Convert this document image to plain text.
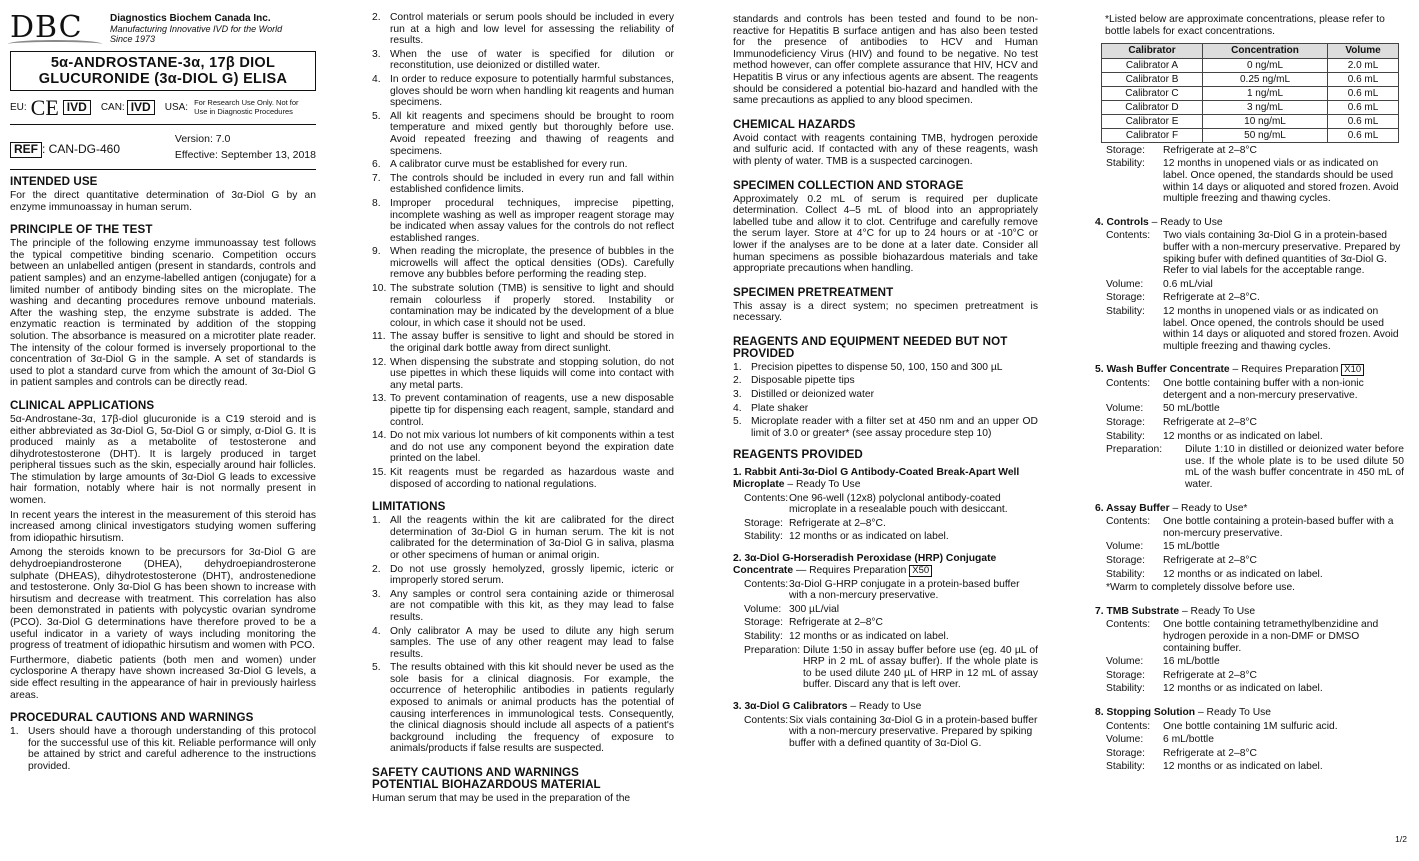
DBC	Diagnostics Biochem Canada Inc.
Manufacturing Innovative IVD for the World
Since 1973
5α-ANDROSTANE-3α, 17β DIOL
GLUCURONIDE (3α-DIOL G) ELISA
EU: CE IVD	CAN: IVD	USA: For Research Use Only. Not for Use in Diagnostic Procedures
REF : CAN-DG-460
Version: 7.0
Effective: September 13, 2018
INTENDED USE

For the direct quantitative determination of 3α-Diol G by an enzyme immunoassay in human serum.

PRINCIPLE OF THE TEST

The principle of the following enzyme immunoassay test follows the typical competitive binding scenario. Competition occurs between an unlabelled antigen (present in standards, controls and patient samples) and an enzyme-labelled antigen (conjugate) for a limited number of antibody binding sites on the microplate. The washing and decanting procedures remove unbound materials. After the washing step, the enzyme substrate is added. The enzymatic reaction is terminated by addition of the stopping solution. The absorbance is measured on a microtiter plate reader. The intensity of the colour formed is inversely proportional to the concentration of 3α-Diol G in the sample. A set of standards is used to plot a standard curve from which the amount of 3α-Diol G in patient samples and controls can be directly read.

CLINICAL APPLICATIONS

5α-Androstane-3α, 17β-diol glucuronide is a C19 steroid and is either abbreviated as 3α-Diol G, 5α-Diol G or simply, α-Diol G. It is produced mainly as a metabolite of testosterone and dihydrotestosterone (DHT). It is largely produced in target peripheral tissues such as the skin, especially around hair follicles. The stimulation by large amounts of 3α-Diol G leads to excessive hair formation, notably where hair is not normally present in women.

In recent years the interest in the measurement of this steroid has increased among clinical investigators studying women suffering from idiopathic hirsutism.

Among the steroids known to be precursors for 3α-Diol G are dehydroepiandrosterone (DHEA), dehydroepiandrosterone sulphate (DHEAS), dihydrotestosterone (DHT), androstenedione and testosterone. Only 3α-Diol G has been shown to increase with hirsutism and decrease with treatment. This correlation has also been demonstrated in patients with polycystic ovarian syndrome (PCO). 3α-Diol G determinations have therefore proved to be a useful indicator in a variety of ways including monitoring the progress of treatment of idiopathic hirsutism and women with PCO.

Furthermore, diabetic patients (both men and women) under cyclosporine A therapy have shown increased 3α-Diol G levels, a side effect resulting in the appearance of hair in previously hairless areas.

PROCEDURAL CAUTIONS AND WARNINGS
1. Users should have a thorough understanding of this protocol for the successful use of this kit. Reliable performance will only be attained by strict and careful adherence to the instructions provided.
2. Control materials or serum pools should be included in every run at a high and low level for assessing the reliability of results.
3. When the use of water is specified for dilution or reconstitution, use deionized or distilled water.
4. In order to reduce exposure to potentially harmful substances, gloves should be worn when handling kit reagents and human specimens.
5. All kit reagents and specimens should be brought to room temperature and mixed gently but thoroughly before use. Avoid repeated freezing and thawing of reagents and specimens.
6. A calibrator curve must be established for every run.
7. The controls should be included in every run and fall within established confidence limits.
8. Improper procedural techniques, imprecise pipetting, incomplete washing as well as improper reagent storage may be indicated when assay values for the controls do not reflect established ranges.
9. When reading the microplate, the presence of bubbles in the microwells will affect the optical densities (ODs). Carefully remove any bubbles before performing the reading step.
10. The substrate solution (TMB) is sensitive to light and should remain colourless if properly stored. Instability or contamination may be indicated by the development of a blue colour, in which case it should not be used.
11. The assay buffer is sensitive to light and should be stored in the original dark bottle away from direct sunlight.
12. When dispensing the substrate and stopping solution, do not use pipettes in which these liquids will come into contact with any metal parts.
13. To prevent contamination of reagents, use a new disposable pipette tip for dispensing each reagent, sample, standard and control.
14. Do not mix various lot numbers of kit components within a test and do not use any component beyond the expiration date printed on the label.
15. Kit reagents must be regarded as hazardous waste and disposed of according to national regulations.
LIMITATIONS
1. All the reagents within the kit are calibrated for the direct determination of 3α-Diol G in human serum. The kit is not calibrated for the determination of 3α-Diol G in saliva, plasma or other specimens of human or animal origin.
2. Do not use grossly hemolyzed, grossly lipemic, icteric or improperly stored serum.
3. Any samples or control sera containing azide or thimerosal are not compatible with this kit, as they may lead to false results.
4. Only calibrator A may be used to dilute any high serum samples. The use of any other reagent may lead to false results.
5. The results obtained with this kit should never be used as the sole basis for a clinical diagnosis. For example, the occurrence of heterophilic antibodies in patients regularly exposed to animals or animal products has the potential of causing interferences in immunological tests. Consequently, the clinical diagnosis should include all aspects of a patient's background including the frequency of exposure to animals/products if false results are suspected.
SAFETY CAUTIONS AND WARNINGS
POTENTIAL BIOHAZARDOUS MATERIAL

Human serum that may be used in the preparation of the

standards and controls has been tested and found to be non-reactive for Hepatitis B surface antigen and has also been tested for the presence of antibodies to HCV and Human Immunodeficiency Virus (HIV) and found to be negative. No test method however, can offer complete assurance that HIV, HCV and Hepatitis B virus or any infectious agents are absent. The reagents should be considered a potential bio-hazard and handled with the same precautions as applied to any blood specimen.

CHEMICAL HAZARDS

Avoid contact with reagents containing TMB, hydrogen peroxide and sulfuric acid. If contacted with any of these reagents, wash with plenty of water. TMB is a suspected carcinogen.

SPECIMEN COLLECTION AND STORAGE

Approximately 0.2 mL of serum is required per duplicate determination. Collect 4–5 mL of blood into an appropriately labelled tube and allow it to clot. Centrifuge and carefully remove the serum layer. Store at 4°C for up to 24 hours or at -10°C or lower if the analyses are to be done at a later date. Consider all human specimens as possible biohazardous materials and take appropriate precautions when handling.

SPECIMEN PRETREATMENT

This assay is a direct system; no specimen pretreatment is necessary.

REAGENTS AND EQUIPMENT NEEDED BUT NOT PROVIDED
1. Precision pipettes to dispense 50, 100, 150 and 300 µL
2. Disposable pipette tips
3. Distilled or deionized water
4. Plate shaker
5. Microplate reader with a filter set at 450 nm and an upper OD limit of 3.0 or greater* (see assay procedure step 10)
REAGENTS PROVIDED
1. Rabbit Anti-3α-Diol G Antibody-Coated Break-Apart Well Microplate – Ready To Use
Contents: One 96-well (12x8) polyclonal antibody-coated microplate in a resealable pouch with desiccant.
Storage: Refrigerate at 2–8°C.
Stability: 12 months or as indicated on label.
2. 3α-Diol G-Horseradish Peroxidase (HRP) Conjugate Concentrate — Requires Preparation X50
Contents: 3α-Diol G-HRP conjugate in a protein-based buffer with a non-mercury preservative.
Volume: 300 µL/vial
Storage: Refrigerate at 2–8°C
Stability: 12 months or as indicated on label.
Preparation: Dilute 1:50 in assay buffer before use (eg. 40 µL of HRP in 2 mL of assay buffer). If the whole plate is to be used dilute 240 µL of HRP in 12 mL of assay buffer. Discard any that is left over.
3. 3α-Diol G Calibrators – Ready to Use
Contents: Six vials containing 3α-Diol G in a protein-based buffer with a non-mercury preservative. Prepared by spiking buffer with a defined quantity of 3α-Diol G.

*Listed below are approximate concentrations, please refer to bottle labels for exact concentrations.

Calibrator	Concentration	Volume
Calibrator A	0 ng/mL	2.0 mL
Calibrator B	0.25 ng/mL	0.6 mL
Calibrator C	1 ng/mL	0.6 mL
Calibrator D	3 ng/mL	0.6 mL
Calibrator E	10 ng/mL	0.6 mL
Calibrator F	50 ng/mL	0.6 mL
Storage:	Refrigerate at 2–8°C
Stability:	12 months in unopened vials or as indicated on label. Once opened, the standards should be used within 14 days or aliquoted and stored frozen. Avoid multiple freezing and thawing cycles.
4. Controls – Ready to Use
Contents:	Two vials containing 3α-Diol G in a protein-based buffer with a non-mercury preservative. Prepared by spiking bufer with defined quantities of 3α-Diol G. Refer to vial labels for the acceptable range.
Volume:	0.6 mL/vial
Storage:	Refrigerate at 2–8°C.
Stability:	12 months in unopened vials or as indicated on label. Once opened, the controls should be used within 14 days or aliquoted and stored frozen. Avoid multiple freezing and thawing cycles.
5. Wash Buffer Concentrate – Requires Preparation X10
Contents:	One bottle containing buffer with a non-ionic detergent and a non-mercury preservative.
Volume:	50 mL/bottle
Storage:	Refrigerate at 2–8°C
Stability:	12 months or as indicated on label.
Preparation:	Dilute 1:10 in distilled or deionized water before use. If the whole plate is to be used dilute 50 mL of the wash buffer concentrate in 450 mL of water.
6. Assay Buffer – Ready to Use*
Contents:	One bottle containing a protein-based buffer with a non-mercury preservative.
Volume:	15 mL/bottle
Storage:	Refrigerate at 2–8°C
Stability:	12 months or as indicated on label.

*Warm to completely dissolve before use.

7. TMB Substrate – Ready To Use
Contents:	One bottle containing tetramethylbenzidine and hydrogen peroxide in a non-DMF or DMSO containing buffer.
Volume:	16 mL/bottle
Storage:	Refrigerate at 2–8°C
Stability:	12 months or as indicated on label.
8. Stopping Solution – Ready To Use
Contents:	One bottle containing 1M sulfuric acid.
Volume:	6 mL/bottle
Storage:	Refrigerate at 2–8°C
Stability:	12 months or as indicated on label.
1/2
